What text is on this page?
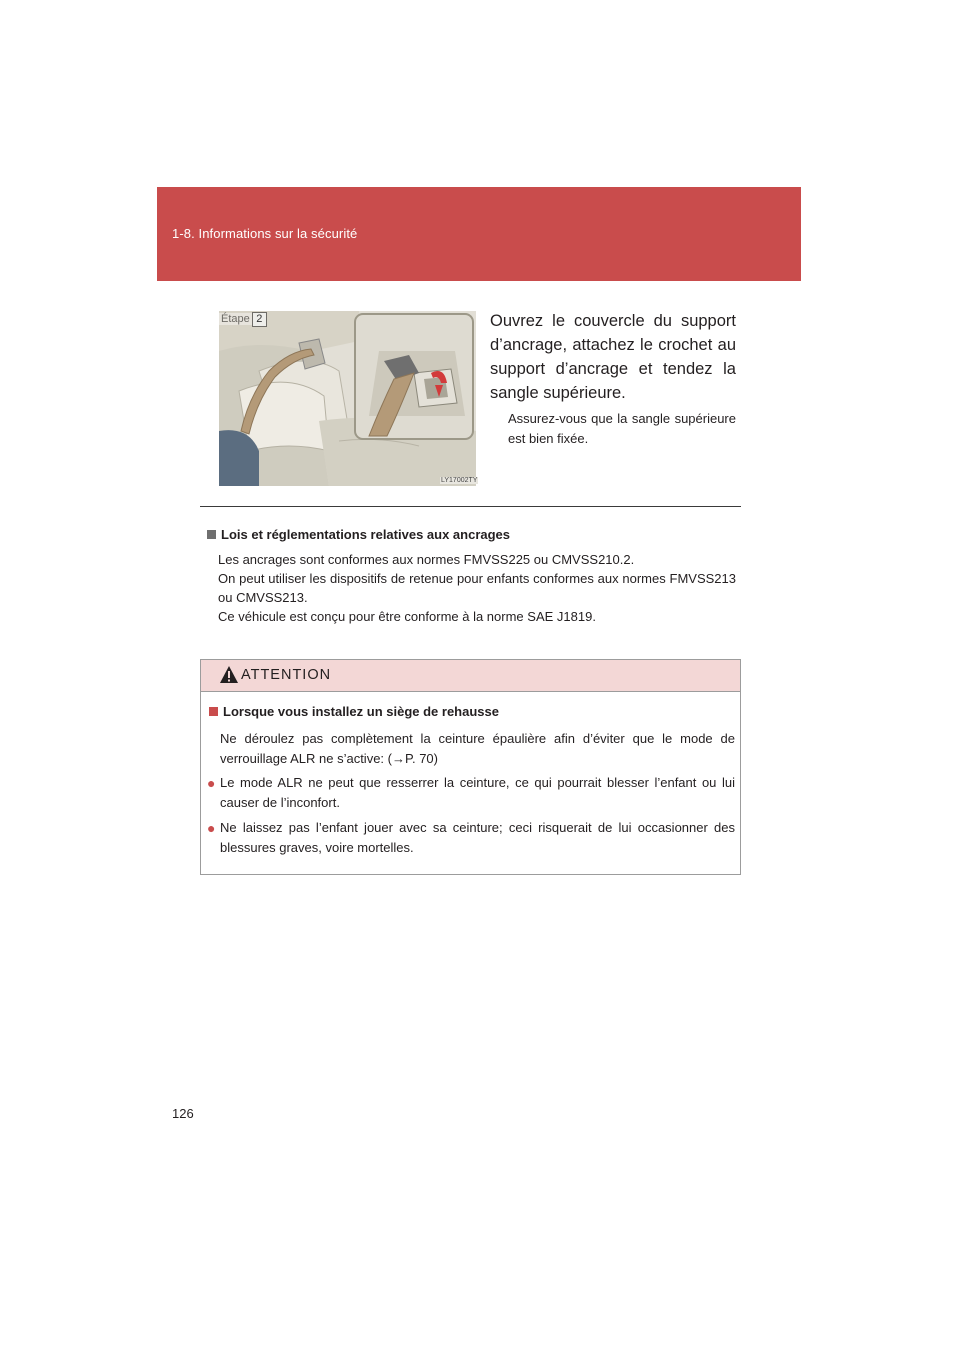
1-8. Informations sur la sécurité
Étape 2
LY17002TY
Ouvrez le couvercle du support d’ancrage, attachez le crochet au support d’ancrage et tendez la sangle supérieure.
Assurez-vous que la sangle supérieure est bien fixée.
Lois et réglementations relatives aux ancrages

Les ancrages sont conformes aux normes FMVSS225 ou CMVSS210.2.

On peut utiliser les dispositifs de retenue pour enfants conformes aux normes FMVSS213 ou CMVSS213.

Ce véhicule est conçu pour être conforme à la norme SAE J1819.

ATTENTION
Lorsque vous installez un siège de rehausse
Ne déroulez pas complètement la ceinture épaulière afin d’éviter que le mode de verrouillage ALR ne s’active: (→P. 70)
● Le mode ALR ne peut que resserrer la ceinture, ce qui pourrait blesser l’enfant ou lui causer de l’inconfort.
● Ne laissez pas l’enfant jouer avec sa ceinture; ceci risquerait de lui occasionner des blessures graves, voire mortelles.
126
